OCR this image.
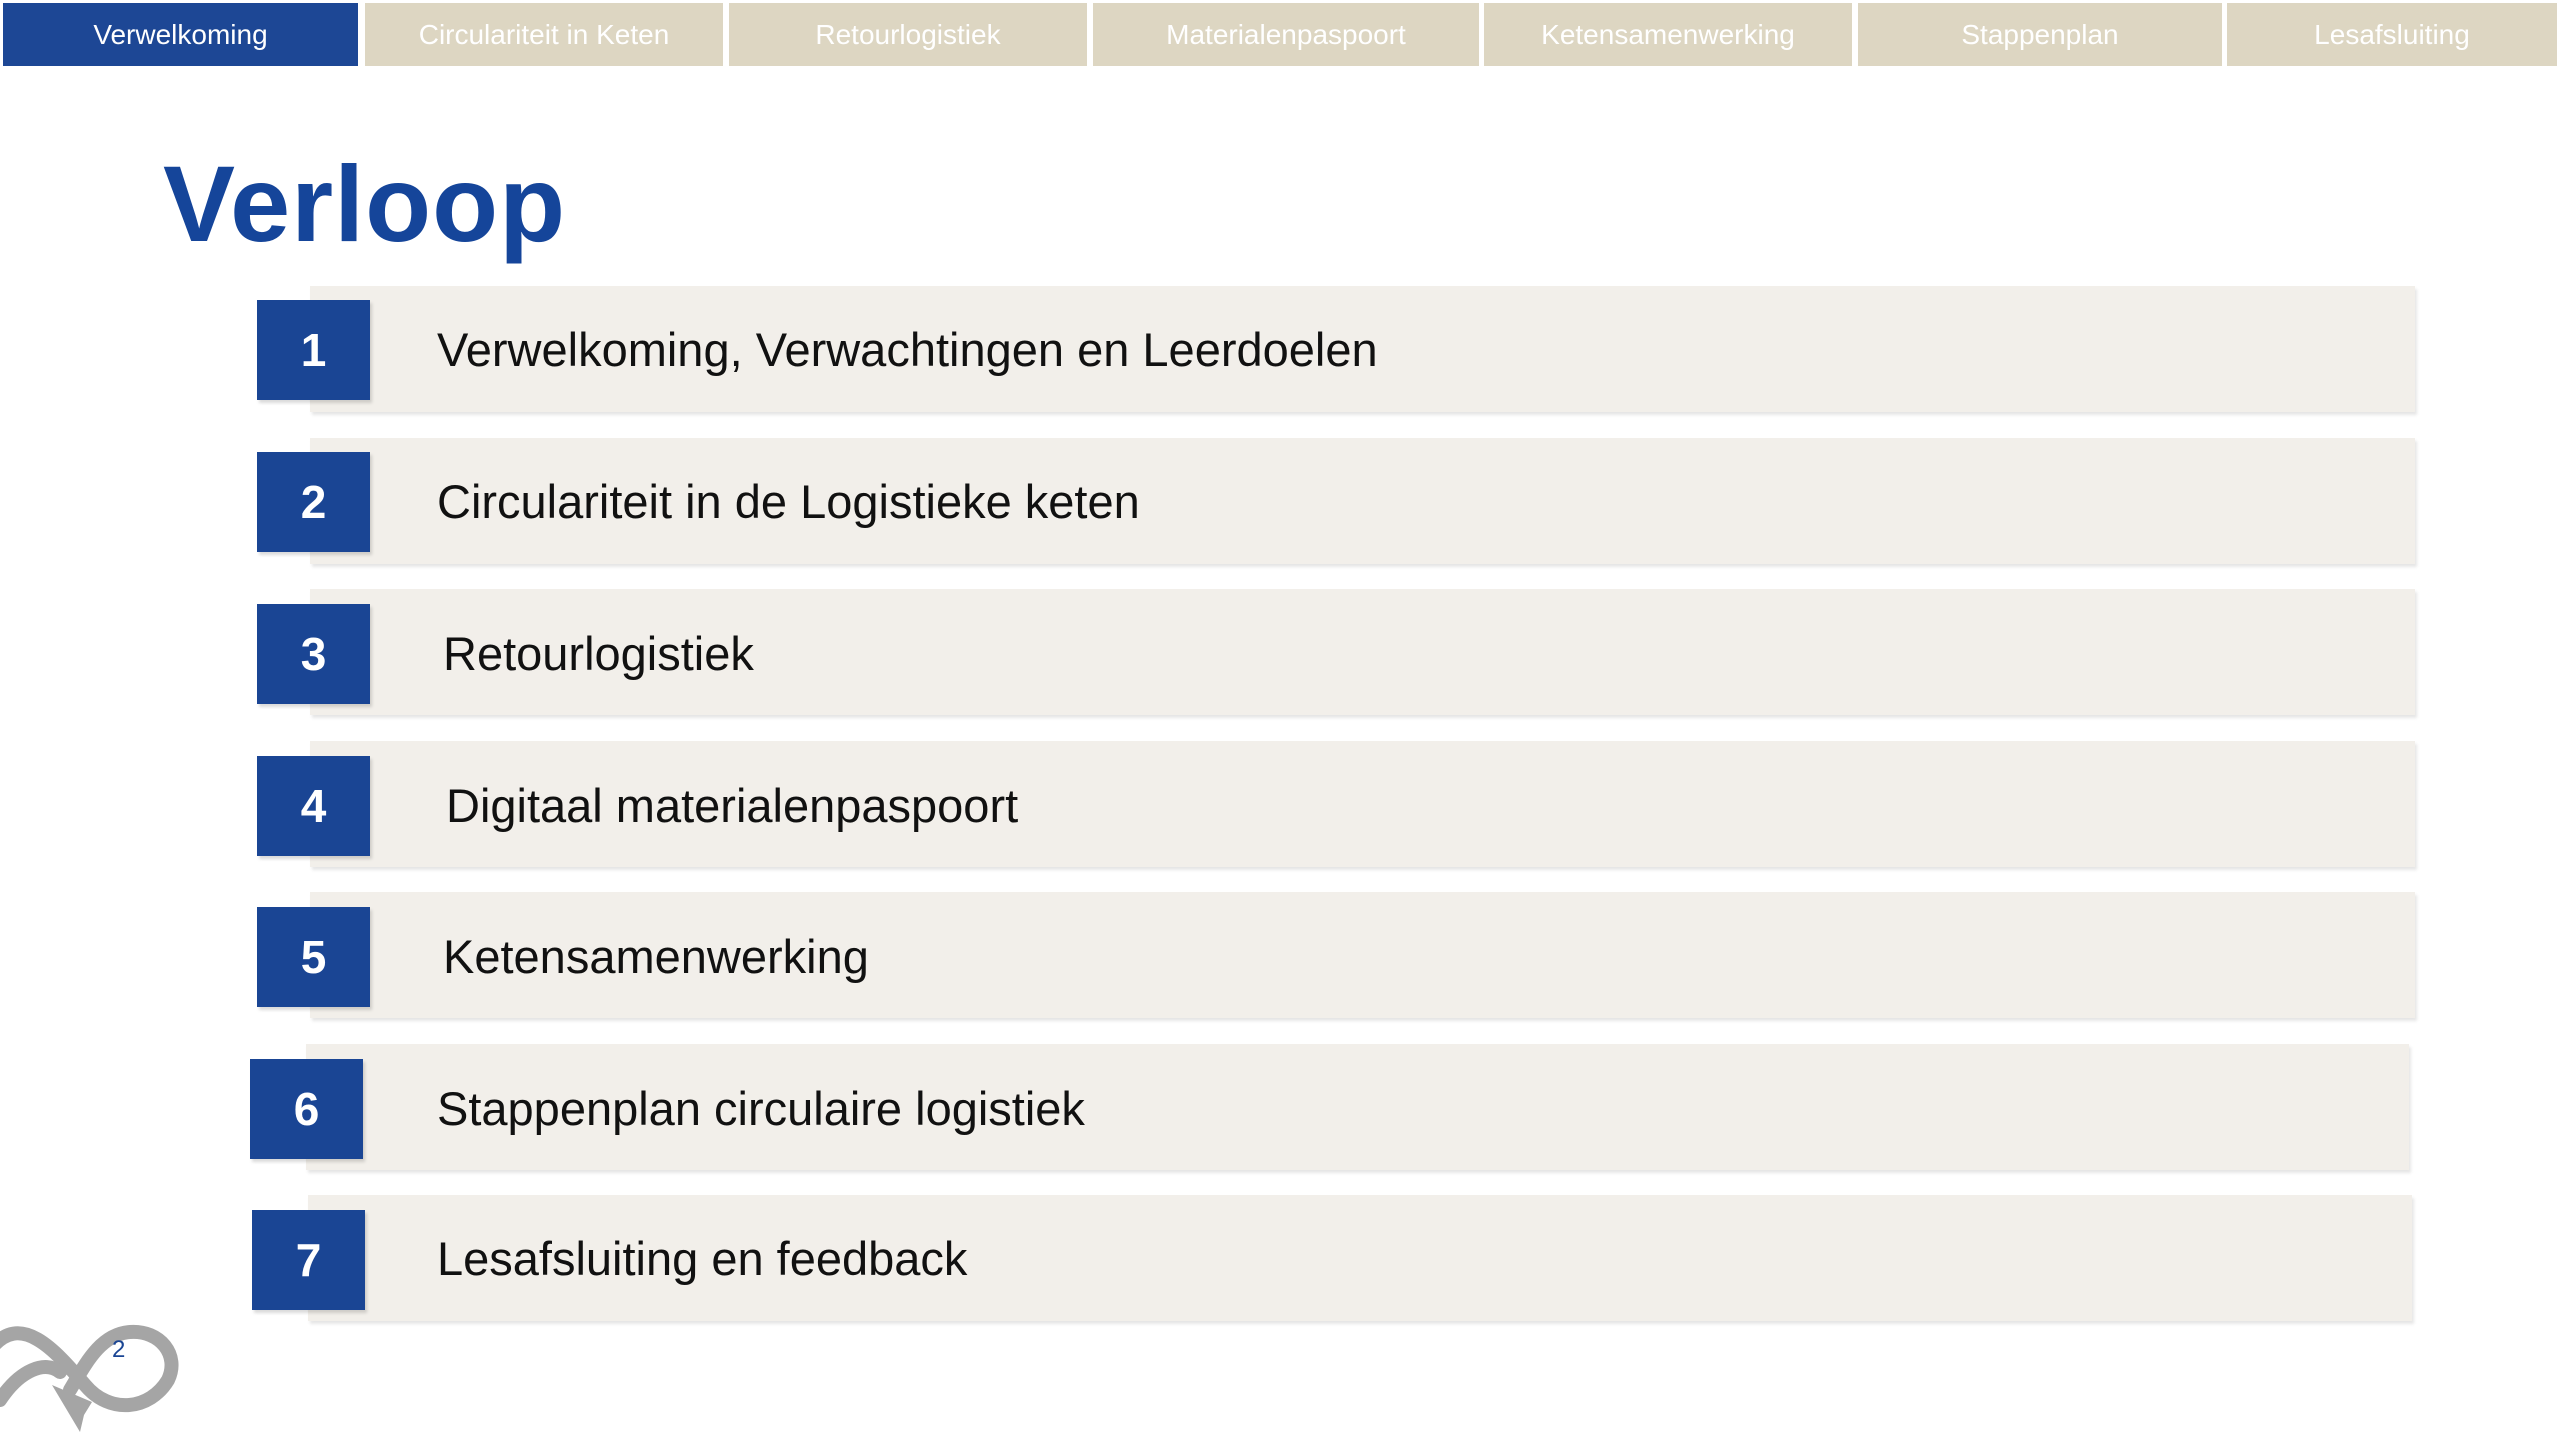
Verwelkoming	Circulariteit in Keten	Retourlogistiek	Materialenpaspoort	Ketensamenwerking	Stappenplan	Lesafsluiting
Verloop
1	Verwelkoming, Verwachtingen en Leerdoelen
2	Circulariteit in de Logistieke keten
3	Retourlogistiek
4	Digitaal materialenpaspoort
5	Ketensamenwerking
6	Stappenplan circulaire logistiek
7	Lesafsluiting en feedback
2
